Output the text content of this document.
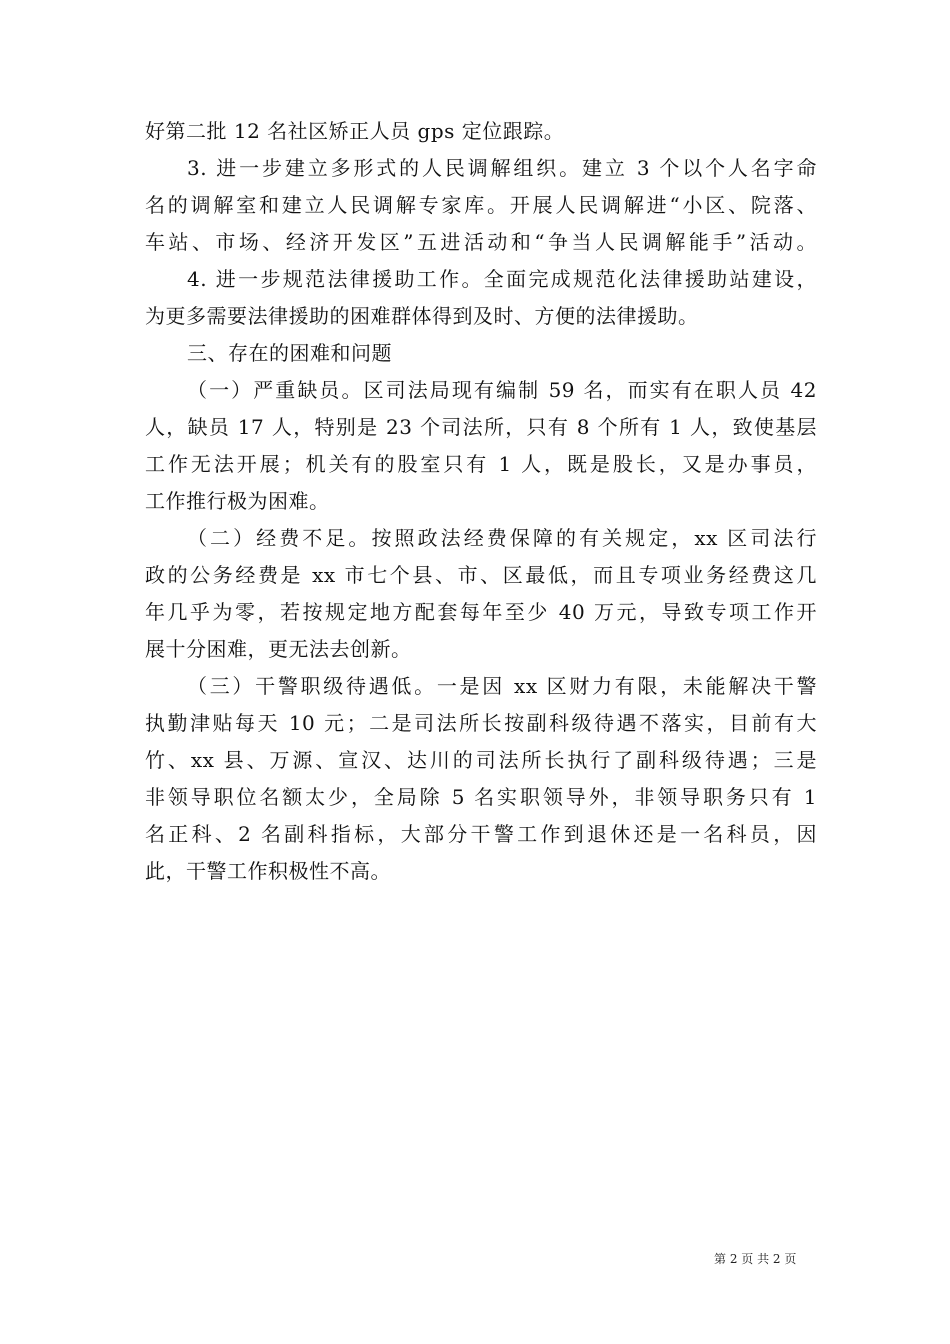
好第二批 12 名社区矫正人员 gps 定位跟踪。
3. 进一步建立多形式的人民调解组织。建立 3 个以个人名字命
名的调解室和建立人民调解专家库。开展人民调解进“小区、院落、
车站、市场、经济开发区”五进活动和“争当人民调解能手”活动。
4. 进一步规范法律援助工作。全面完成规范化法律援助站建设，
为更多需要法律援助的困难群体得到及时、方便的法律援助。
三、存在的困难和问题
（一）严重缺员。区司法局现有编制 59 名，而实有在职人员 42
人，缺员 17 人，特别是 23 个司法所，只有 8 个所有 1 人，致使基层
工作无法开展；机关有的股室只有 1 人，既是股长，又是办事员，
工作推行极为困难。
（二）经费不足。按照政法经费保障的有关规定，xx 区司法行
政的公务经费是 xx 市七个县、市、区最低，而且专项业务经费这几
年几乎为零，若按规定地方配套每年至少 40 万元，导致专项工作开
展十分困难，更无法去创新。
（三）干警职级待遇低。一是因 xx 区财力有限，未能解决干警
执勤津贴每天 10 元；二是司法所长按副科级待遇不落实，目前有大
竹、xx 县、万源、宣汉、达川的司法所长执行了副科级待遇；三是
非领导职位名额太少，全局除 5 名实职领导外，非领导职务只有 1
名正科、2 名副科指标，大部分干警工作到退休还是一名科员，因
此，干警工作积极性不高。
第 2 页 共 2 页
